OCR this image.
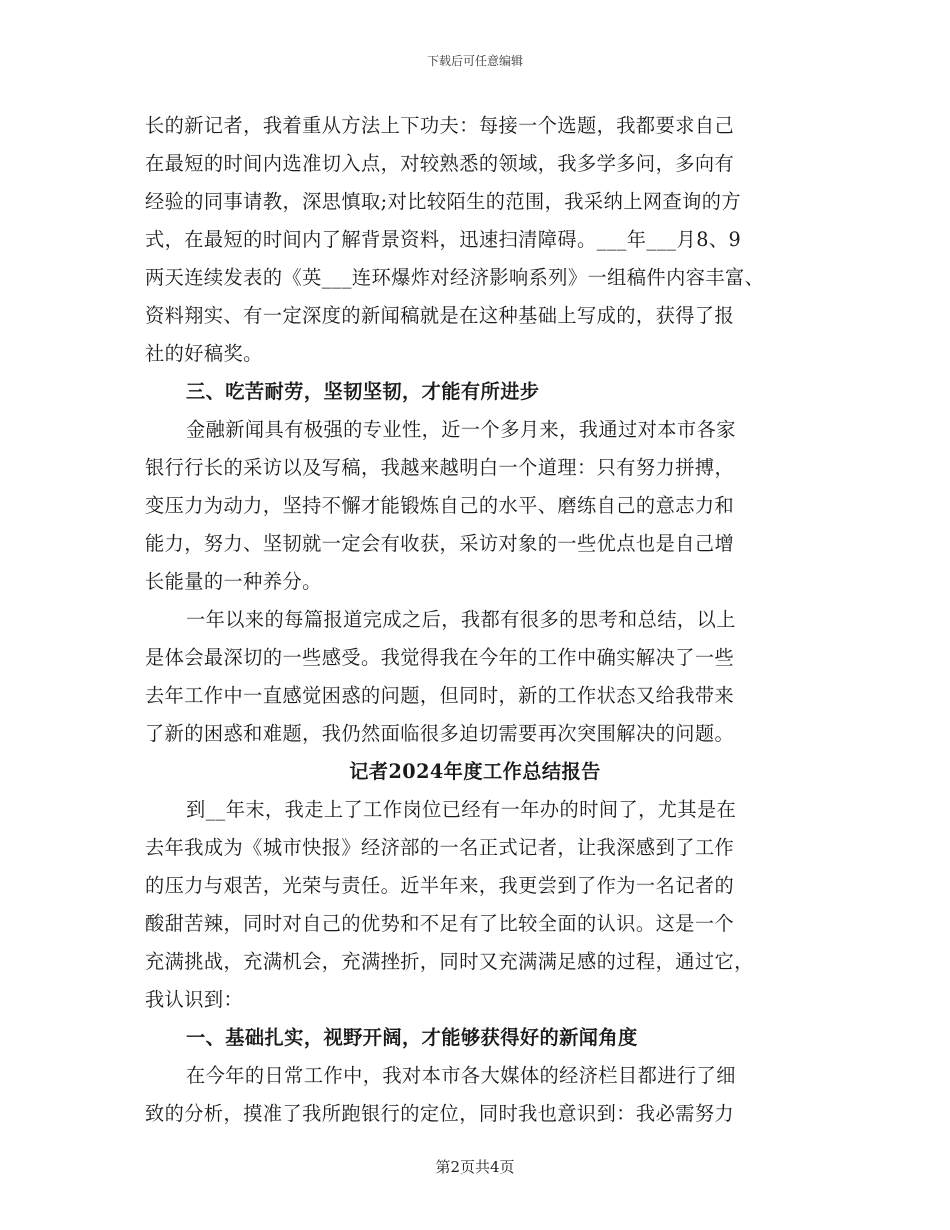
下载后可任意编辑
长的新记者，我着重从方法上下功夫：每接一个选题，我都要求自己
在最短的时间内选准切入点，对较熟悉的领域，我多学多问，多向有
经验的同事请教，深思慎取;对比较陌生的范围，我采纳上网查询的方
式，在最短的时间内了解背景资料，迅速扫清障碍。___年___月8、9
两天连续发表的《英___连环爆炸对经济影响系列》一组稿件内容丰富、
资料翔实、有一定深度的新闻稿就是在这种基础上写成的，获得了报
社的好稿奖。
三、吃苦耐劳，坚韧坚韧，才能有所进步
金融新闻具有极强的专业性，近一个多月来，我通过对本市各家
银行行长的采访以及写稿，我越来越明白一个道理：只有努力拼搏，
变压力为动力，坚持不懈才能锻炼自己的水平、磨练自己的意志力和
能力，努力、坚韧就一定会有收获，采访对象的一些优点也是自己增
长能量的一种养分。
一年以来的每篇报道完成之后，我都有很多的思考和总结，以上
是体会最深切的一些感受。我觉得我在今年的工作中确实解决了一些
去年工作中一直感觉困惑的问题，但同时，新的工作状态又给我带来
了新的困惑和难题，我仍然面临很多迫切需要再次突围解决的问题。
记者2024年度工作总结报告
到__年末，我走上了工作岗位已经有一年办的时间了，尤其是在
去年我成为《城市快报》经济部的一名正式记者，让我深感到了工作
的压力与艰苦，光荣与责任。近半年来，我更尝到了作为一名记者的
酸甜苦辣，同时对自己的优势和不足有了比较全面的认识。这是一个
充满挑战，充满机会，充满挫折，同时又充满满足感的过程，通过它，
我认识到：
一、基础扎实，视野开阔，才能够获得好的新闻角度
在今年的日常工作中，我对本市各大媒体的经济栏目都进行了细
致的分析，摸准了我所跑银行的定位，同时我也意识到：我必需努力
第2页共4页
